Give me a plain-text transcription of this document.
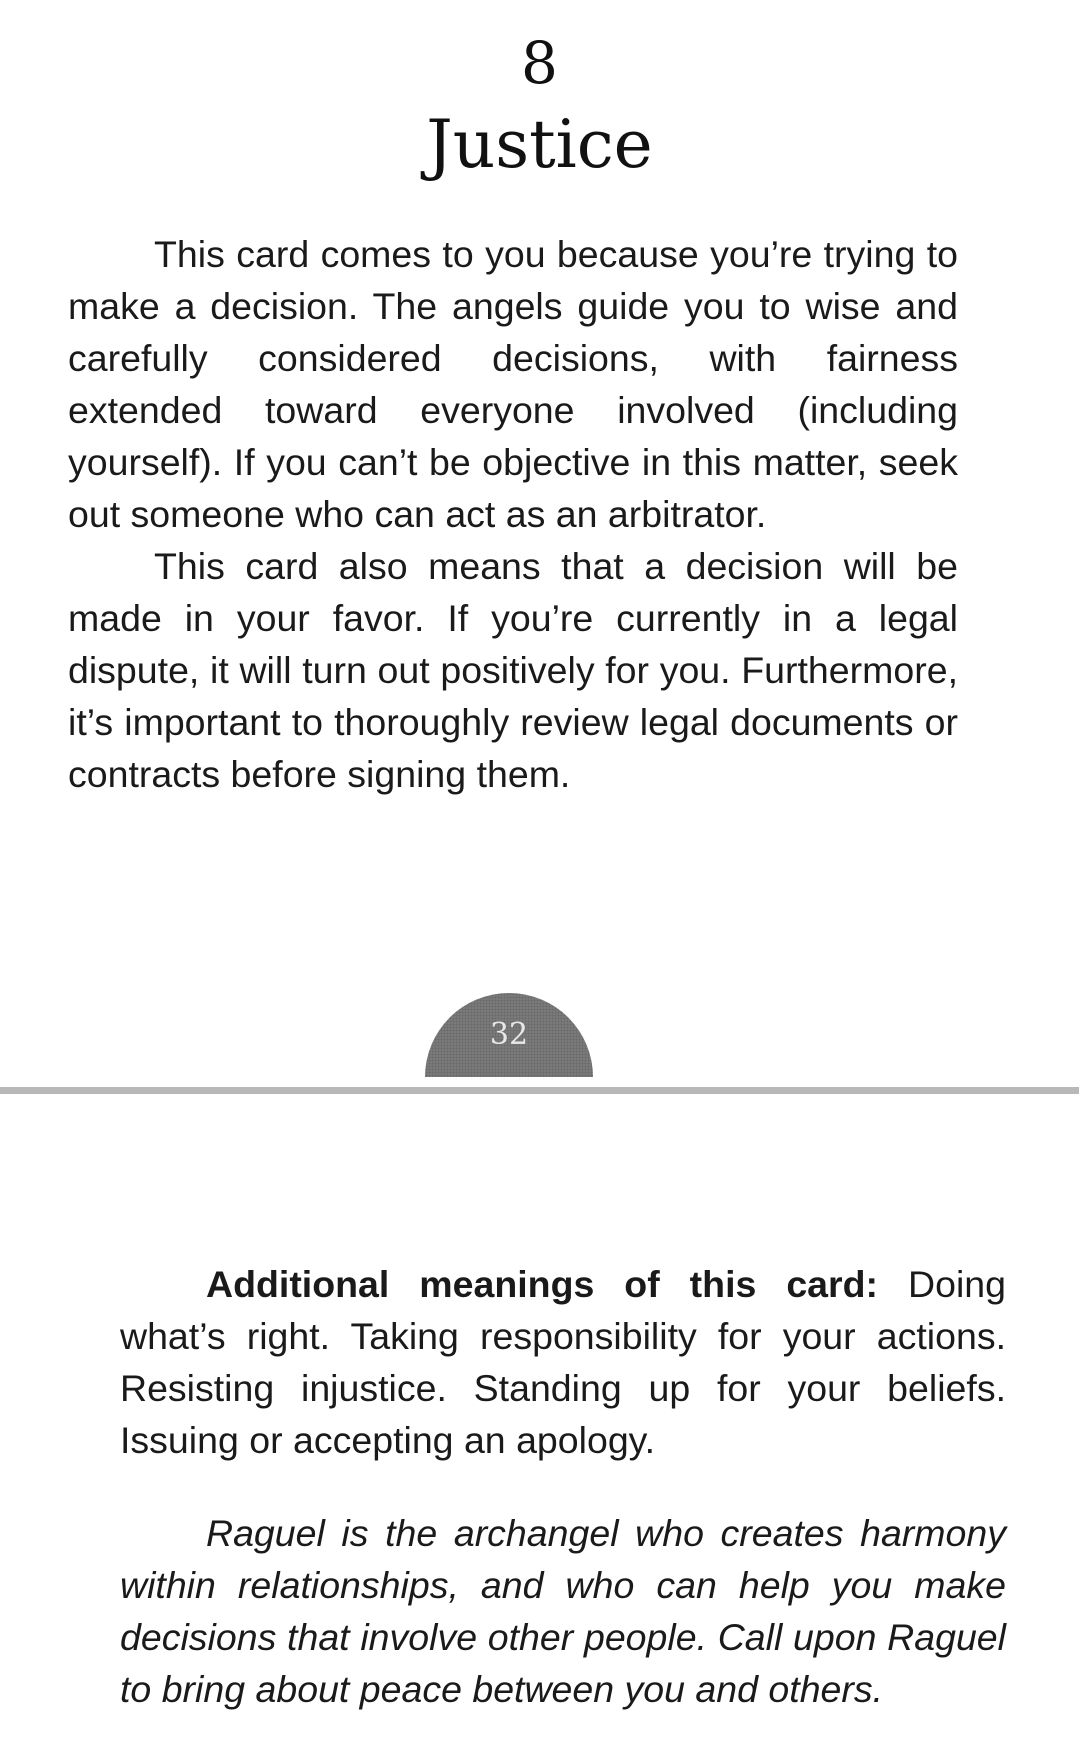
8
Justice

This card comes to you because you’re trying to make a decision. The angels guide you to wise and carefully considered decisions, with fairness extended toward everyone involved (including yourself). If you can’t be objective in this matter, seek out someone who can act as an arbitrator.

This card also means that a decision will be made in your favor. If you’re currently in a legal dispute, it will turn out positively for you. Furthermore, it’s important to thoroughly review legal documents or contracts before signing them.

32

Additional meanings of this card: Doing what’s right. Taking responsibility for your actions. Resisting injustice. Standing up for your beliefs. Issuing or accepting an apology.

Raguel is the archangel who creates harmony within relationships, and who can help you make decisions that involve other people. Call upon Raguel to bring about peace between you and others.
